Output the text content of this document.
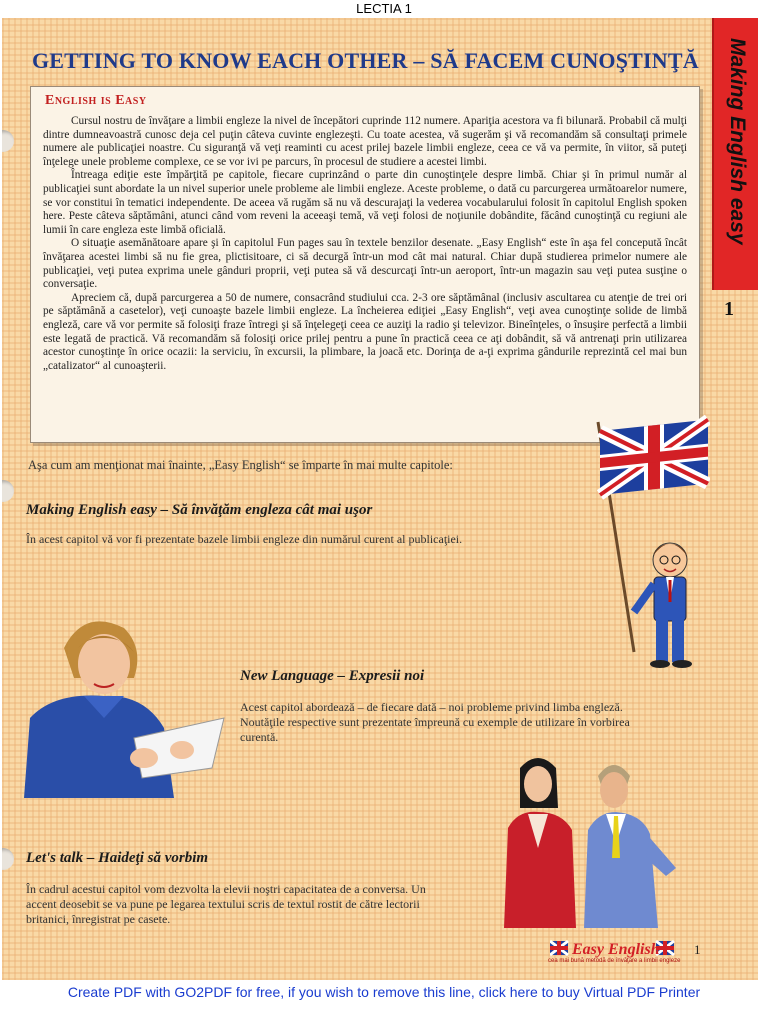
LECTIA 1
GETTING TO KNOW EACH OTHER – SĂ FACEM CUNOŞTINŢĂ	Making English easy
1
English is Easy

Cursul nostru de învăţare a limbii engleze la nivel de începători cuprinde 112 numere. Apariţia acestora va fi bilunară. Probabil că mulţi dintre dumneavoastră cunosc deja cel puţin câteva cuvinte englezeşti. Cu toate acestea, vă sugerăm şi vă recomandăm să consultaţi primele numere ale publicaţiei noastre. Cu siguranţă vă veţi reaminti cu acest prilej bazele limbii engleze, ceea ce vă va permite, în viitor, să puteţi înţelege unele probleme complexe, ce se vor ivi pe parcurs, în procesul de studiere a acestei limbi.

Întreaga ediţie este împărţită pe capitole, fiecare cuprinzând o parte din cunoştinţele despre limbă. Chiar şi în primul număr al publicaţiei sunt abordate la un nivel superior unele probleme ale limbii engleze. Aceste probleme, o dată cu parcurgerea următoarelor numere, se vor constitui în tematici independente. De aceea vă rugăm să nu vă descurajaţi la vederea vocabularului folosit în capitolul English spoken here. Peste câteva săptămâni, atunci când vom reveni la aceeaşi temă, vă veţi folosi de noţiunile dobândite, făcând cunoştinţă cu regiuni ale lumii în care engleza este limbă oficială.

O situaţie asemănătoare apare şi în capitolul Fun pages sau în textele benzilor desenate. „Easy English“ este în aşa fel concepută încât învăţarea acestei limbi să nu fie grea, plictisitoare, ci să decurgă într-un mod cât mai natural. Chiar după studierea primelor numere ale publicaţiei, veţi putea exprima unele gânduri proprii, veţi putea să vă descurcaţi într-un aeroport, într-un magazin sau veţi putea susţine o conversaţie.

Apreciem că, după parcurgerea a 50 de numere, consacrând studiului cca. 2-3 ore săptămânal (inclusiv ascultarea cu atenţie de trei ori pe săptămână a casetelor), veţi cunoaşte bazele limbii engleze. La încheierea ediţiei „Easy English“, veţi avea cunoştinţe solide de limbă engleză, care vă vor permite să folosiţi fraze întregi şi să înţelegeţi ceea ce auziţi la radio şi televizor. Bineînţeles, o însuşire perfectă a limbii este legată de practică. Vă recomandăm să folosiţi orice prilej pentru a pune în practică ceea ce aţi dobândit, să vă antrenaţi prin utilizarea acestor cunoştinţe în orice ocazii: la serviciu, în excursii, la plimbare, la joacă etc. Dorinţa de a-ţi exprima gândurile reprezintă cel mai bun „catalizator“ al cunoaşterii.

Aşa cum am menţionat mai înainte, „Easy English“ se împarte în mai multe capitole:
Making English easy – Să învăţăm engleza cât mai uşor
În acest capitol vă vor fi prezentate bazele limbii engleze din numărul curent al publicaţiei.
New Language – Expresii noi
Acest capitol abordează – de fiecare dată – noi probleme privind limba engleză. Noutăţile respective sunt prezentate împreună cu exemple de utilizare în vorbirea curentă.
Let's talk – Haideţi să vorbim
În cadrul acestui capitol vom dezvolta la elevii noştri capacitatea de a conversa. Un accent deosebit se va pune pe legarea textului scris de textul rostit de către lectorii britanici, înregistrat pe casete.
Easy English
cea mai bună metodă de învăţare a limbii engleze
1
Create PDF with GO2PDF for free, if you wish to remove this line, click here to buy Virtual PDF Printer
